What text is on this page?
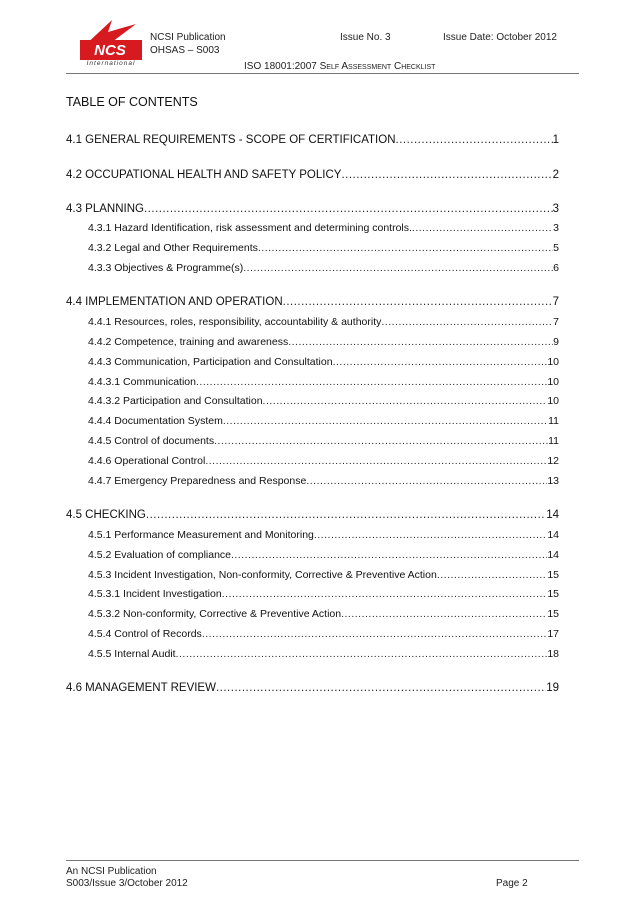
NCS
International
NCSI Publication
OHSAS – S003
Issue No. 3	Issue Date: October 2012
ISO 18001:2007 Self Assessment Checklist
TABLE OF CONTENTS
4.1 GENERAL REQUIREMENTS - SCOPE OF CERTIFICATION .....	1
4.2 OCCUPATIONAL HEALTH AND SAFETY POLICY .....	2
4.3 PLANNING .....	3
4.3.1 Hazard Identification, risk assessment and determining controls. .....	3
4.3.2 Legal and Other Requirements .....	5
4.3.3 Objectives & Programme(s) .....	6
4.4 IMPLEMENTATION AND OPERATION .....	7
4.4.1 Resources, roles, responsibility, accountability & authority .....	7
4.4.2 Competence, training and awareness .....	9
4.4.3 Communication, Participation and Consultation .....	10
4.4.3.1 Communication .....	10
4.4.3.2 Participation and Consultation .....	10
4.4.4 Documentation System .....	11
4.4.5 Control of documents .....	11
4.4.6 Operational Control .....	12
4.4.7 Emergency Preparedness and Response .....	13
4.5 CHECKING .....	14
4.5.1 Performance Measurement and Monitoring .....	14
4.5.2 Evaluation of compliance .....	14
4.5.3 Incident Investigation, Non-conformity, Corrective & Preventive Action .....	15
4.5.3.1 Incident Investigation .....	15
4.5.3.2 Non-conformity, Corrective & Preventive Action .....	15
4.5.4 Control of Records .....	17
4.5.5 Internal Audit .....	18
4.6 MANAGEMENT REVIEW .....	19
An NCSI Publication
S003/Issue 3/October 2012	Page 2
